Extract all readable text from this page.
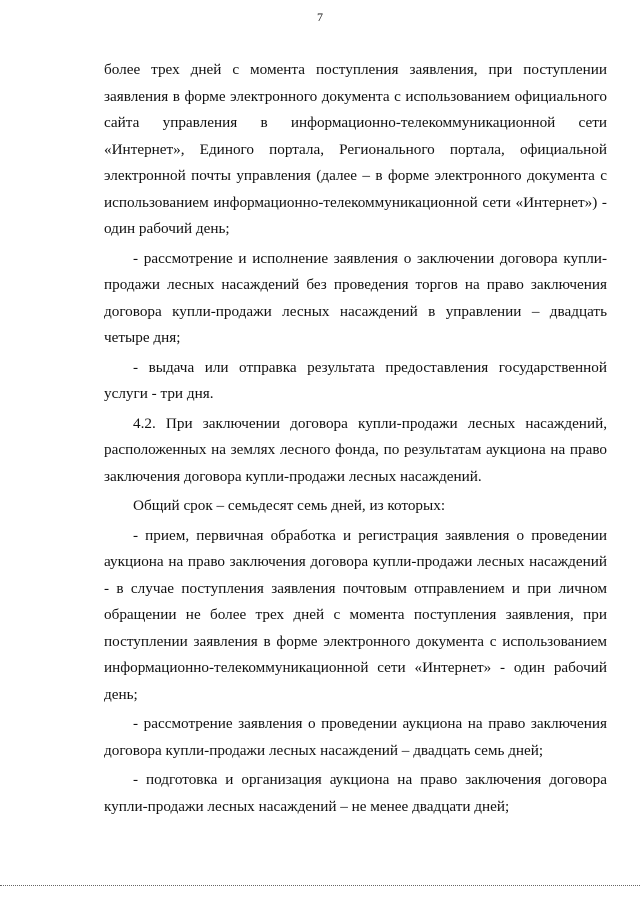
7

более трех дней с момента поступления заявления, при поступлении заявления в форме электронного документа с использованием официального сайта управления в информационно-телекоммуникационной сети «Интернет», Единого портала, Регионального портала, официальной электронной почты управления (далее – в форме электронного документа с использованием информационно-телекоммуникационной сети «Интернет») - один рабочий день;

- рассмотрение и исполнение заявления о заключении договора купли-продажи лесных насаждений без проведения торгов на право заключения договора купли-продажи лесных насаждений в управлении – двадцать четыре дня;

- выдача или отправка результата предоставления государственной услуги - три дня.

4.2. При заключении договора купли-продажи лесных насаждений, расположенных на землях лесного фонда, по результатам аукциона на право заключения договора купли-продажи лесных насаждений.

Общий срок – семьдесят семь дней, из которых:

- прием, первичная обработка и регистрация заявления о проведении аукциона на право заключения договора купли-продажи лесных насаждений - в случае поступления заявления почтовым отправлением и при личном обращении не более трех дней с момента поступления заявления, при поступлении заявления в форме электронного документа с использованием информационно-телекоммуникационной сети «Интернет» - один рабочий день;

- рассмотрение заявления о проведении аукциона на право заключения договора купли-продажи лесных насаждений – двадцать семь дней;

- подготовка и организация аукциона на право заключения договора купли-продажи лесных насаждений – не менее двадцати дней;
